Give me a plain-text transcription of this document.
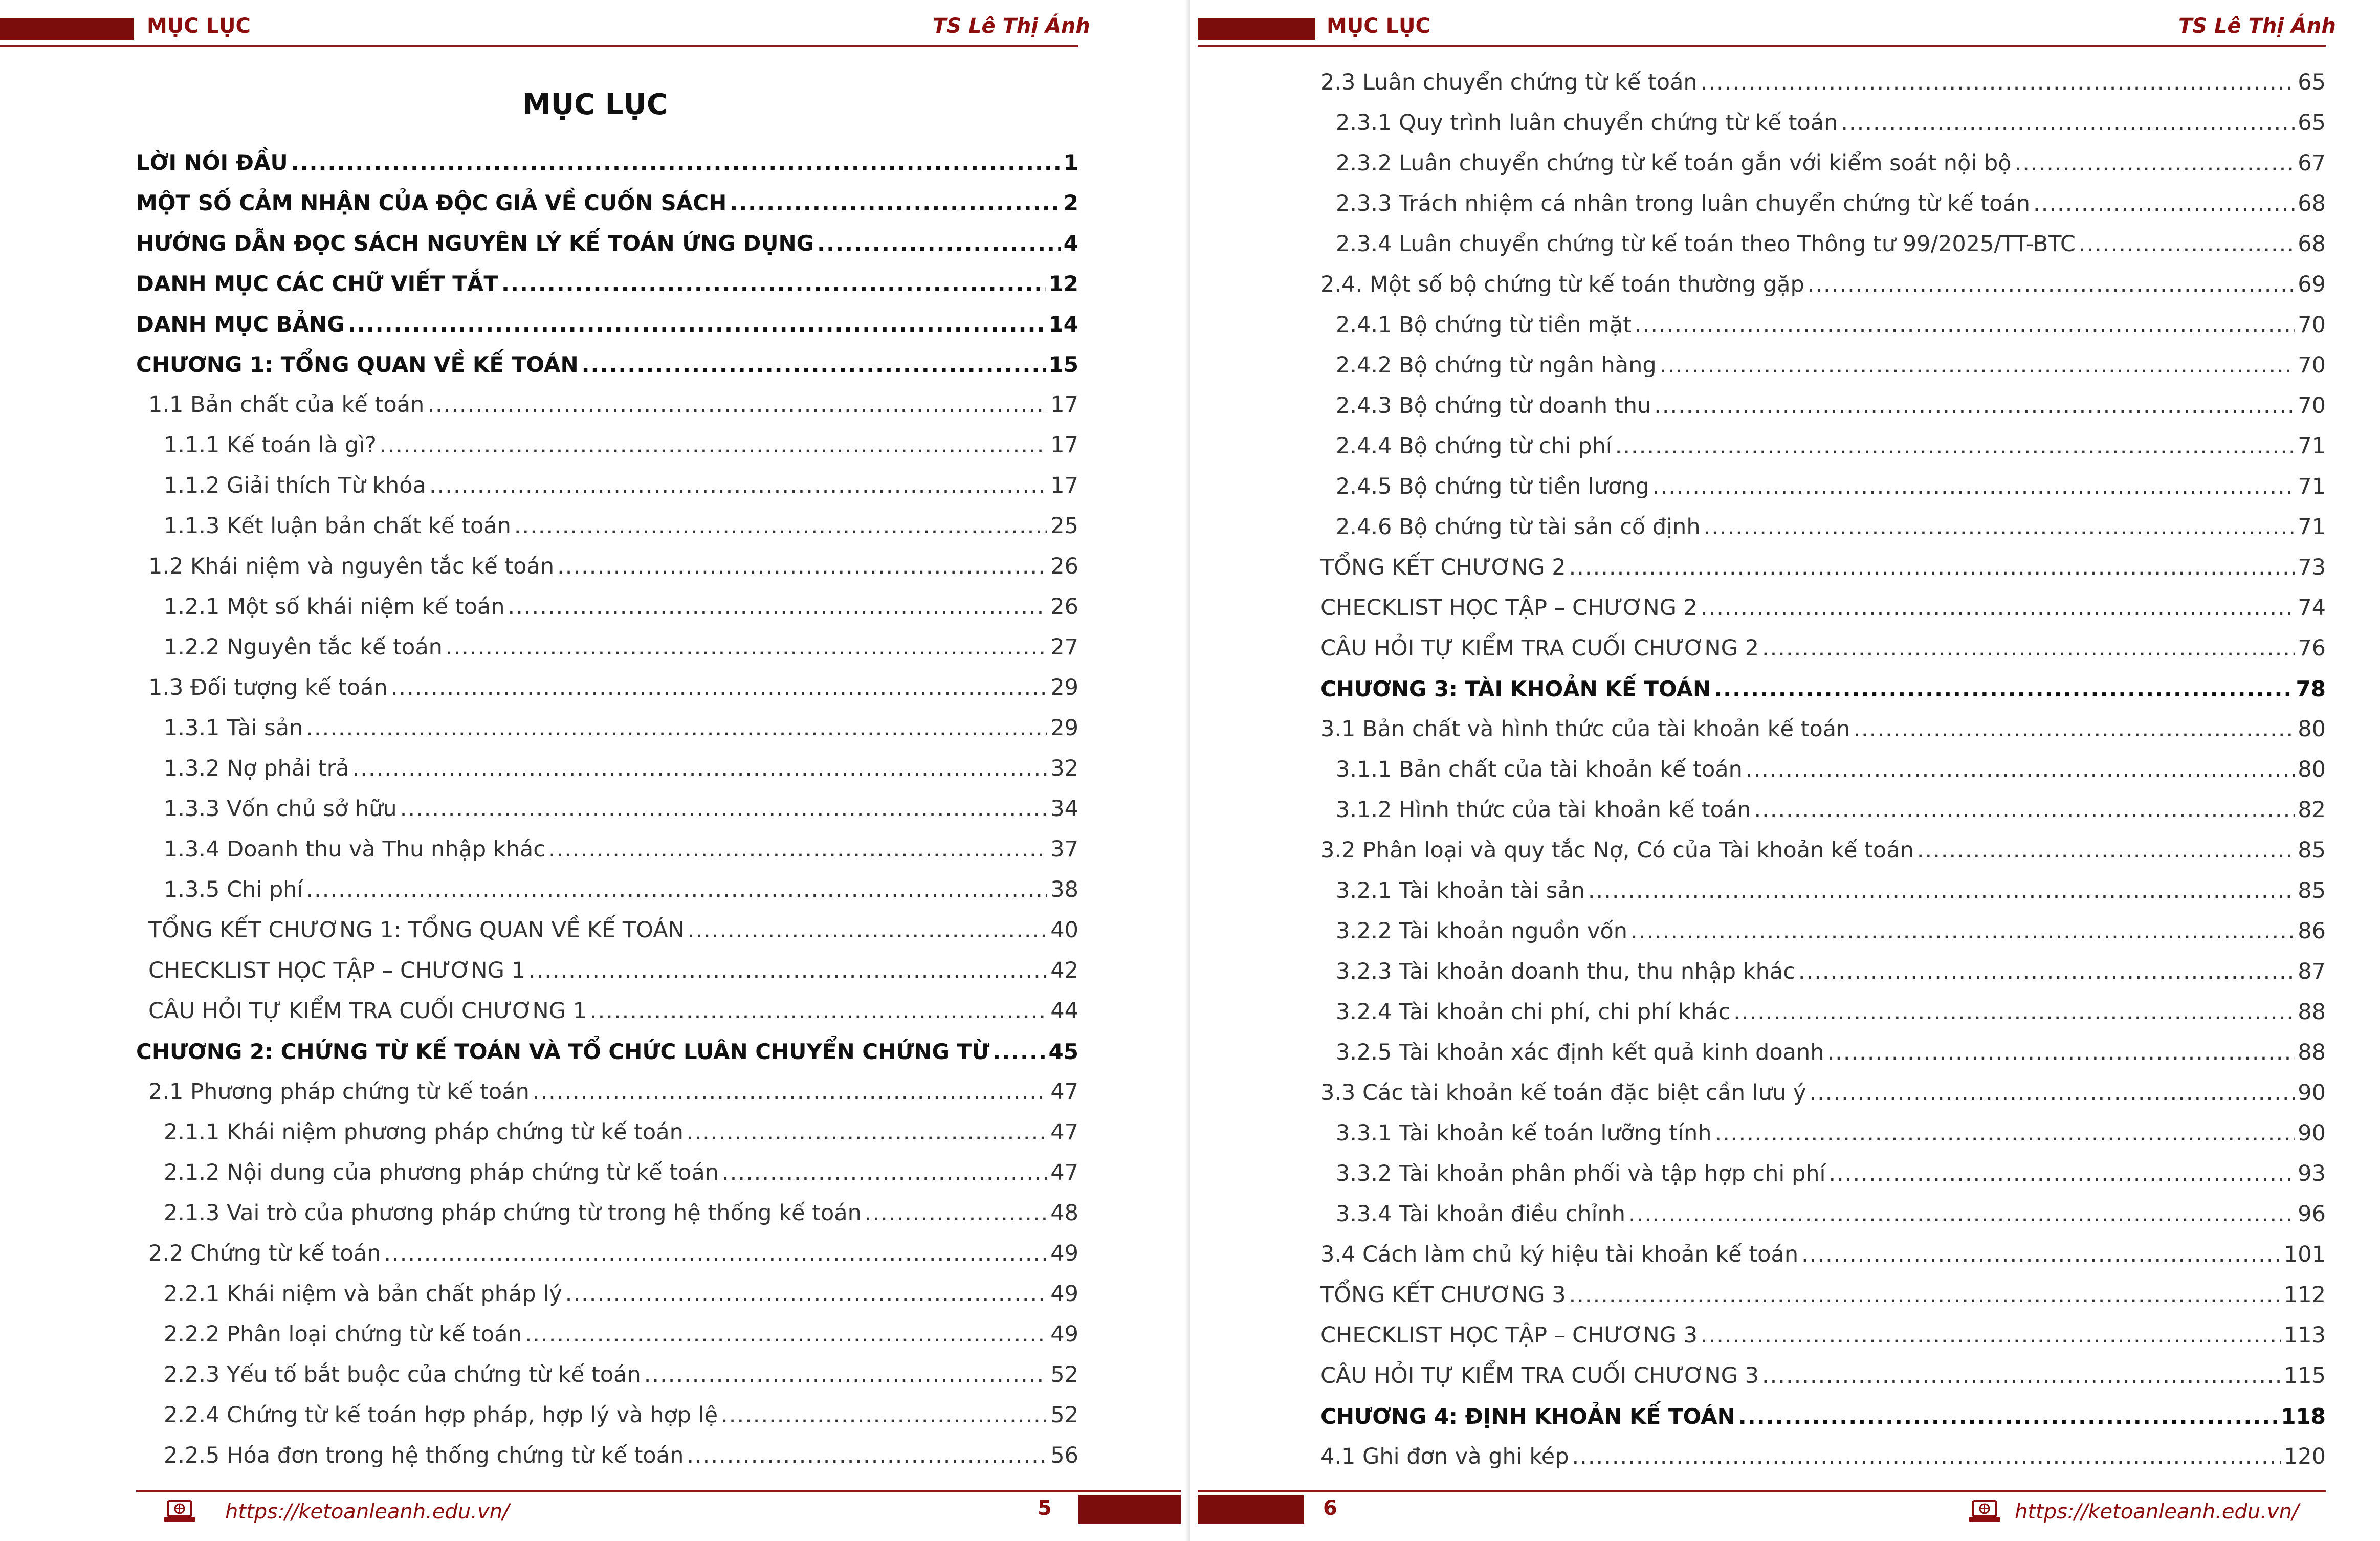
MỤC LỤC	TS Lê Thị Ánh
MỤC LỤC
LỜI NÓI ĐẦU .....	1
MỘT SỐ CẢM NHẬN CỦA ĐỘC GIẢ VỀ CUỐN SÁCH .....	2
HƯỚNG DẪN ĐỌC SÁCH NGUYÊN LÝ KẾ TOÁN ỨNG DỤNG .....	4
DANH MỤC CÁC CHỮ VIẾT TẮT .....	12
DANH MỤC BẢNG .....	14
CHƯƠNG 1: TỔNG QUAN VỀ KẾ TOÁN .....	15
1.1 Bản chất của kế toán .....	17
1.1.1 Kế toán là gì? .....	17
1.1.2 Giải thích Từ khóa .....	17
1.1.3 Kết luận bản chất kế toán .....	25
1.2 Khái niệm và nguyên tắc kế toán .....	26
1.2.1 Một số khái niệm kế toán .....	26
1.2.2 Nguyên tắc kế toán .....	27
1.3 Đối tượng kế toán .....	29
1.3.1 Tài sản .....	29
1.3.2 Nợ phải trả .....	32
1.3.3 Vốn chủ sở hữu .....	34
1.3.4 Doanh thu và Thu nhập khác .....	37
1.3.5 Chi phí .....	38
TỔNG KẾT CHƯƠNG 1: TỔNG QUAN VỀ KẾ TOÁN .....	40
CHECKLIST HỌC TẬP – CHƯƠNG 1 .....	42
CÂU HỎI TỰ KIỂM TRA CUỐI CHƯƠNG 1 .....	44
CHƯƠNG 2: CHỨNG TỪ KẾ TOÁN VÀ TỔ CHỨC LUÂN CHUYỂN CHỨNG TỪ .....	45
2.1 Phương pháp chứng từ kế toán .....	47
2.1.1 Khái niệm phương pháp chứng từ kế toán .....	47
2.1.2 Nội dung của phương pháp chứng từ kế toán .....	47
2.1.3 Vai trò của phương pháp chứng từ trong hệ thống kế toán .....	48
2.2 Chứng từ kế toán .....	49
2.2.1 Khái niệm và bản chất pháp lý .....	49
2.2.2 Phân loại chứng từ kế toán .....	49
2.2.3 Yếu tố bắt buộc của chứng từ kế toán .....	52
2.2.4 Chứng từ kế toán hợp pháp, hợp lý và hợp lệ .....	52
2.2.5 Hóa đơn trong hệ thống chứng từ kế toán .....	56
https://ketoanleanh.edu.vn/	5
MỤC LỤC	TS Lê Thị Ánh
2.3 Luân chuyển chứng từ kế toán .....	65
2.3.1 Quy trình luân chuyển chứng từ kế toán .....	65
2.3.2 Luân chuyển chứng từ kế toán gắn với kiểm soát nội bộ .....	67
2.3.3 Trách nhiệm cá nhân trong luân chuyển chứng từ kế toán .....	68
2.3.4 Luân chuyển chứng từ kế toán theo Thông tư 99/2025/TT-BTC .....	68
2.4. Một số bộ chứng từ kế toán thường gặp .....	69
2.4.1 Bộ chứng từ tiền mặt .....	70
2.4.2 Bộ chứng từ ngân hàng .....	70
2.4.3 Bộ chứng từ doanh thu .....	70
2.4.4 Bộ chứng từ chi phí .....	71
2.4.5 Bộ chứng từ tiền lương .....	71
2.4.6 Bộ chứng từ tài sản cố định .....	71
TỔNG KẾT CHƯƠNG 2 .....	73
CHECKLIST HỌC TẬP – CHƯƠNG 2 .....	74
CÂU HỎI TỰ KIỂM TRA CUỐI CHƯƠNG 2 .....	76
CHƯƠNG 3: TÀI KHOẢN KẾ TOÁN .....	78
3.1 Bản chất và hình thức của tài khoản kế toán .....	80
3.1.1 Bản chất của tài khoản kế toán .....	80
3.1.2 Hình thức của tài khoản kế toán .....	82
3.2 Phân loại và quy tắc Nợ, Có của Tài khoản kế toán .....	85
3.2.1 Tài khoản tài sản .....	85
3.2.2 Tài khoản nguồn vốn .....	86
3.2.3 Tài khoản doanh thu, thu nhập khác .....	87
3.2.4 Tài khoản chi phí, chi phí khác .....	88
3.2.5 Tài khoản xác định kết quả kinh doanh .....	88
3.3 Các tài khoản kế toán đặc biệt cần lưu ý .....	90
3.3.1 Tài khoản kế toán lưỡng tính .....	90
3.3.2 Tài khoản phân phối và tập hợp chi phí .....	93
3.3.4 Tài khoản điều chỉnh .....	96
3.4 Cách làm chủ ký hiệu tài khoản kế toán .....	101
TỔNG KẾT CHƯƠNG 3 .....	112
CHECKLIST HỌC TẬP – CHƯƠNG 3 .....	113
CÂU HỎI TỰ KIỂM TRA CUỐI CHƯƠNG 3 .....	115
CHƯƠNG 4: ĐỊNH KHOẢN KẾ TOÁN .....	118
4.1 Ghi đơn và ghi kép .....	120
6	https://ketoanleanh.edu.vn/
